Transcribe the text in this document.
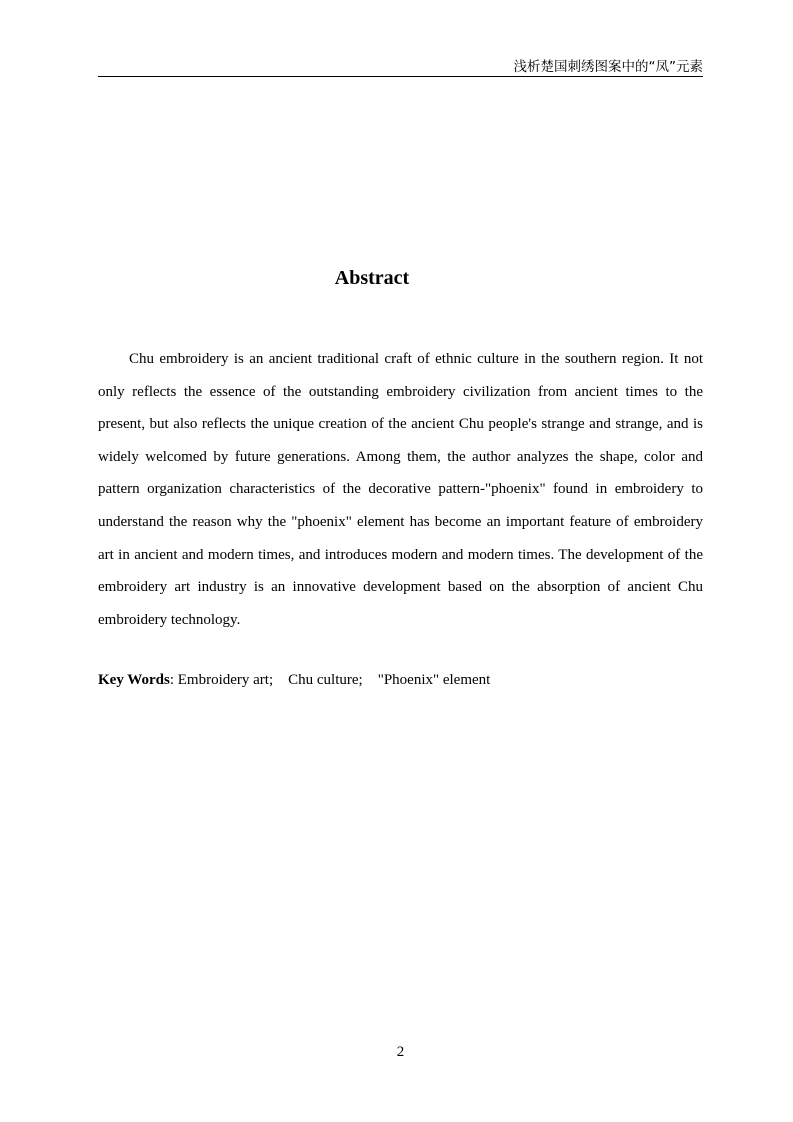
浅析楚国刺绣图案中的“凤”元素
Abstract

Chu embroidery is an ancient traditional craft of ethnic culture in the southern region. It not only reflects the essence of the outstanding embroidery civilization from ancient times to the present, but also reflects the unique creation of the ancient Chu people's strange and strange, and is widely welcomed by future generations. Among them, the author analyzes the shape, color and pattern organization characteristics of the decorative pattern-"phoenix" found in embroidery to understand the reason why the "phoenix" element has become an important feature of embroidery art in ancient and modern times, and introduces modern and modern times. The development of the embroidery art industry is an innovative development based on the absorption of ancient Chu embroidery technology.

Key Words: Embroidery art;    Chu culture;    "Phoenix" element
2
